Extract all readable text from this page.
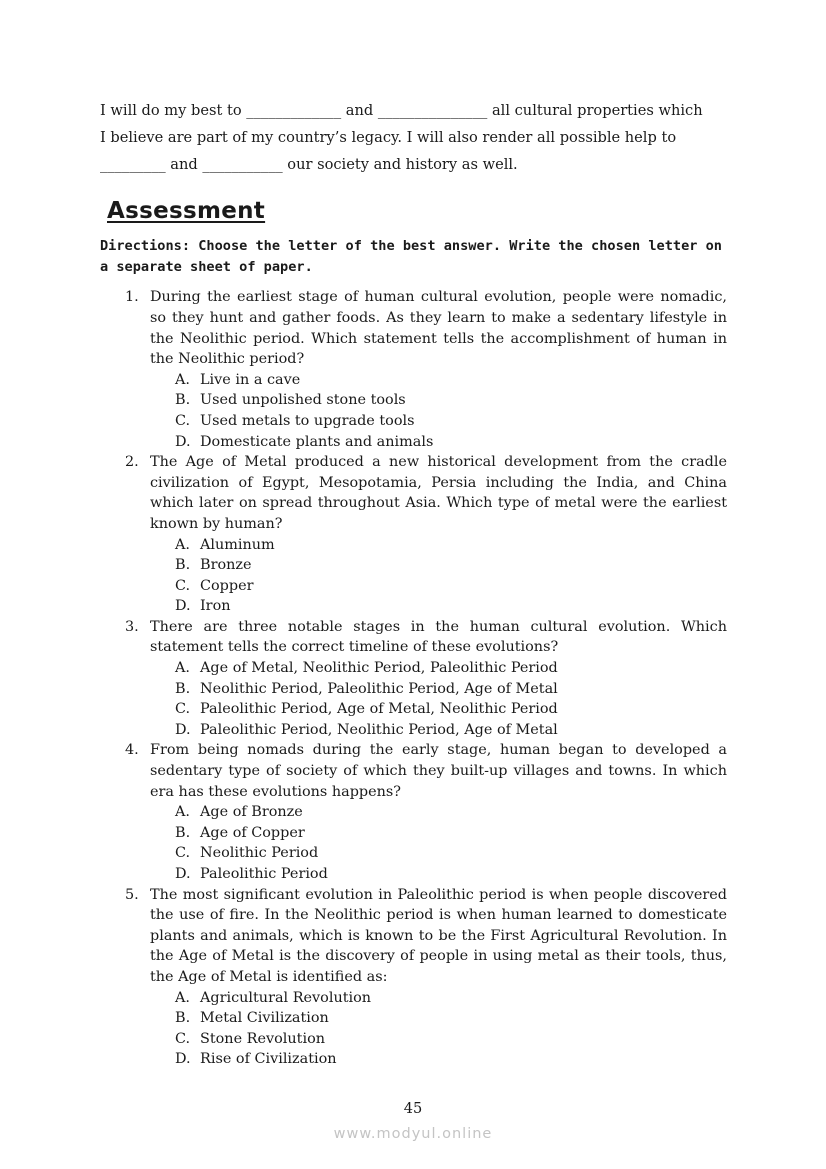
I will do my best to _____________ and _______________ all cultural properties which
I believe are part of my country’s legacy. I will also render all possible help to
_________ and ___________ our society and history as well.

Assessment

Directions: Choose the letter of the best answer. Write the chosen letter on a separate sheet of paper.

1. During the earliest stage of human cultural evolution, people were nomadic, so they hunt and gather foods. As they learn to make a sedentary lifestyle in the Neolithic period. Which statement tells the accomplishment of human in the Neolithic period?
A. Live in a cave
B. Used unpolished stone tools
C. Used metals to upgrade tools
D. Domesticate plants and animals
2. The Age of Metal produced a new historical development from the cradle civilization of Egypt, Mesopotamia, Persia including the India, and China which later on spread throughout Asia. Which type of metal were the earliest known by human?
A. Aluminum
B. Bronze
C. Copper
D. Iron
3. There are three notable stages in the human cultural evolution. Which statement tells the correct timeline of these evolutions?
A. Age of Metal, Neolithic Period, Paleolithic Period
B. Neolithic Period, Paleolithic Period, Age of Metal
C. Paleolithic Period, Age of Metal, Neolithic Period
D. Paleolithic Period, Neolithic Period, Age of Metal
4. From being nomads during the early stage, human began to developed a sedentary type of society of which they built-up villages and towns. In which era has these evolutions happens?
A. Age of Bronze
B. Age of Copper
C. Neolithic Period
D. Paleolithic Period
5. The most significant evolution in Paleolithic period is when people discovered the use of fire. In the Neolithic period is when human learned to domesticate plants and animals, which is known to be the First Agricultural Revolution. In the Age of Metal is the discovery of people in using metal as their tools, thus, the Age of Metal is identified as:
A. Agricultural Revolution
B. Metal Civilization
C. Stone Revolution
D. Rise of Civilization
45
www.modyul.online
